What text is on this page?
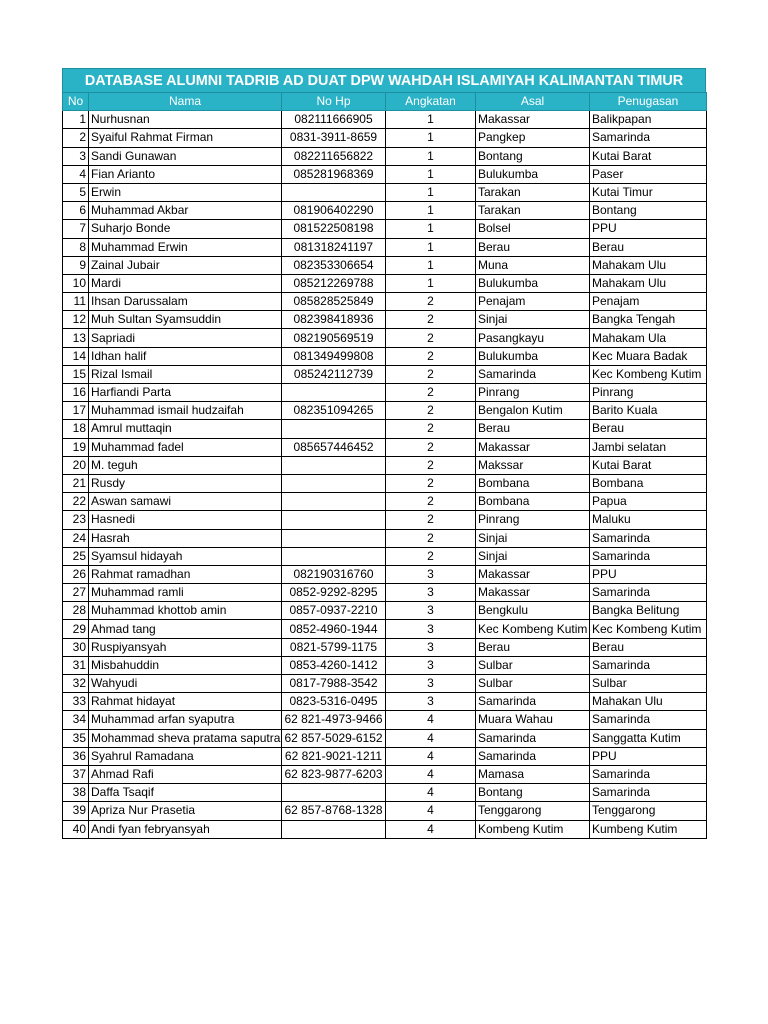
DATABASE ALUMNI TADRIB AD DUAT DPW WAHDAH ISLAMIYAH KALIMANTAN TIMUR
No	Nama	No Hp	Angkatan	Asal	Penugasan
1	Nurhusnan	082111666905	1	Makassar	Balikpapan
2	Syaiful Rahmat Firman	0831-3911-8659	1	Pangkep	Samarinda
3	Sandi Gunawan	082211656822	1	Bontang	Kutai Barat
4	Fian Arianto	085281968369	1	Bulukumba	Paser
5	Erwin		1	Tarakan	Kutai Timur
6	Muhammad Akbar	081906402290	1	Tarakan	Bontang
7	Suharjo Bonde	081522508198	1	Bolsel	PPU
8	Muhammad Erwin	081318241197	1	Berau	Berau
9	Zainal Jubair	082353306654	1	Muna	Mahakam Ulu
10	Mardi	085212269788	1	Bulukumba	Mahakam Ulu
11	Ihsan Darussalam	085828525849	2	Penajam	Penajam
12	Muh Sultan Syamsuddin	082398418936	2	Sinjai	Bangka Tengah
13	Sapriadi	082190569519	2	Pasangkayu	Mahakam Ula
14	Idhan halif	081349499808	2	Bulukumba	Kec Muara Badak
15	Rizal Ismail	085242112739	2	Samarinda	Kec Kombeng Kutim
16	Harfiandi Parta		2	Pinrang	Pinrang
17	Muhammad ismail hudzaifah	082351094265	2	Bengalon Kutim	Barito Kuala
18	Amrul muttaqin		2	Berau	Berau
19	Muhammad fadel	085657446452	2	Makassar	Jambi selatan
20	M. teguh		2	Makssar	Kutai Barat
21	Rusdy		2	Bombana	Bombana
22	Aswan samawi		2	Bombana	Papua
23	Hasnedi		2	Pinrang	Maluku
24	Hasrah		2	Sinjai	Samarinda
25	Syamsul hidayah		2	Sinjai	Samarinda
26	Rahmat ramadhan	082190316760	3	Makassar	PPU
27	Muhammad ramli	0852-9292-8295	3	Makassar	Samarinda
28	Muhammad khottob amin	0857-0937-2210	3	Bengkulu	Bangka Belitung
29	Ahmad tang	0852-4960-1944	3	Kec Kombeng Kutim	Kec Kombeng Kutim
30	Ruspiyansyah	0821-5799-1175	3	Berau	Berau
31	Misbahuddin	0853-4260-1412	3	Sulbar	Samarinda
32	Wahyudi	0817-7988-3542	3	Sulbar	Sulbar
33	Rahmat hidayat	0823-5316-0495	3	Samarinda	Mahakan Ulu
34	Muhammad arfan syaputra	62 821-4973-9466	4	Muara Wahau	Samarinda
35	Mohammad sheva pratama saputra	62 857-5029-6152	4	Samarinda	Sanggatta Kutim
36	Syahrul Ramadana	62 821-9021-1211	4	Samarinda	PPU
37	Ahmad Rafi	62 823-9877-6203	4	Mamasa	Samarinda
38	Daffa Tsaqif		4	Bontang	Samarinda
39	Apriza Nur Prasetia	62 857-8768-1328	4	Tenggarong	Tenggarong
40	Andi fyan febryansyah		4	Kombeng Kutim	Kumbeng Kutim
